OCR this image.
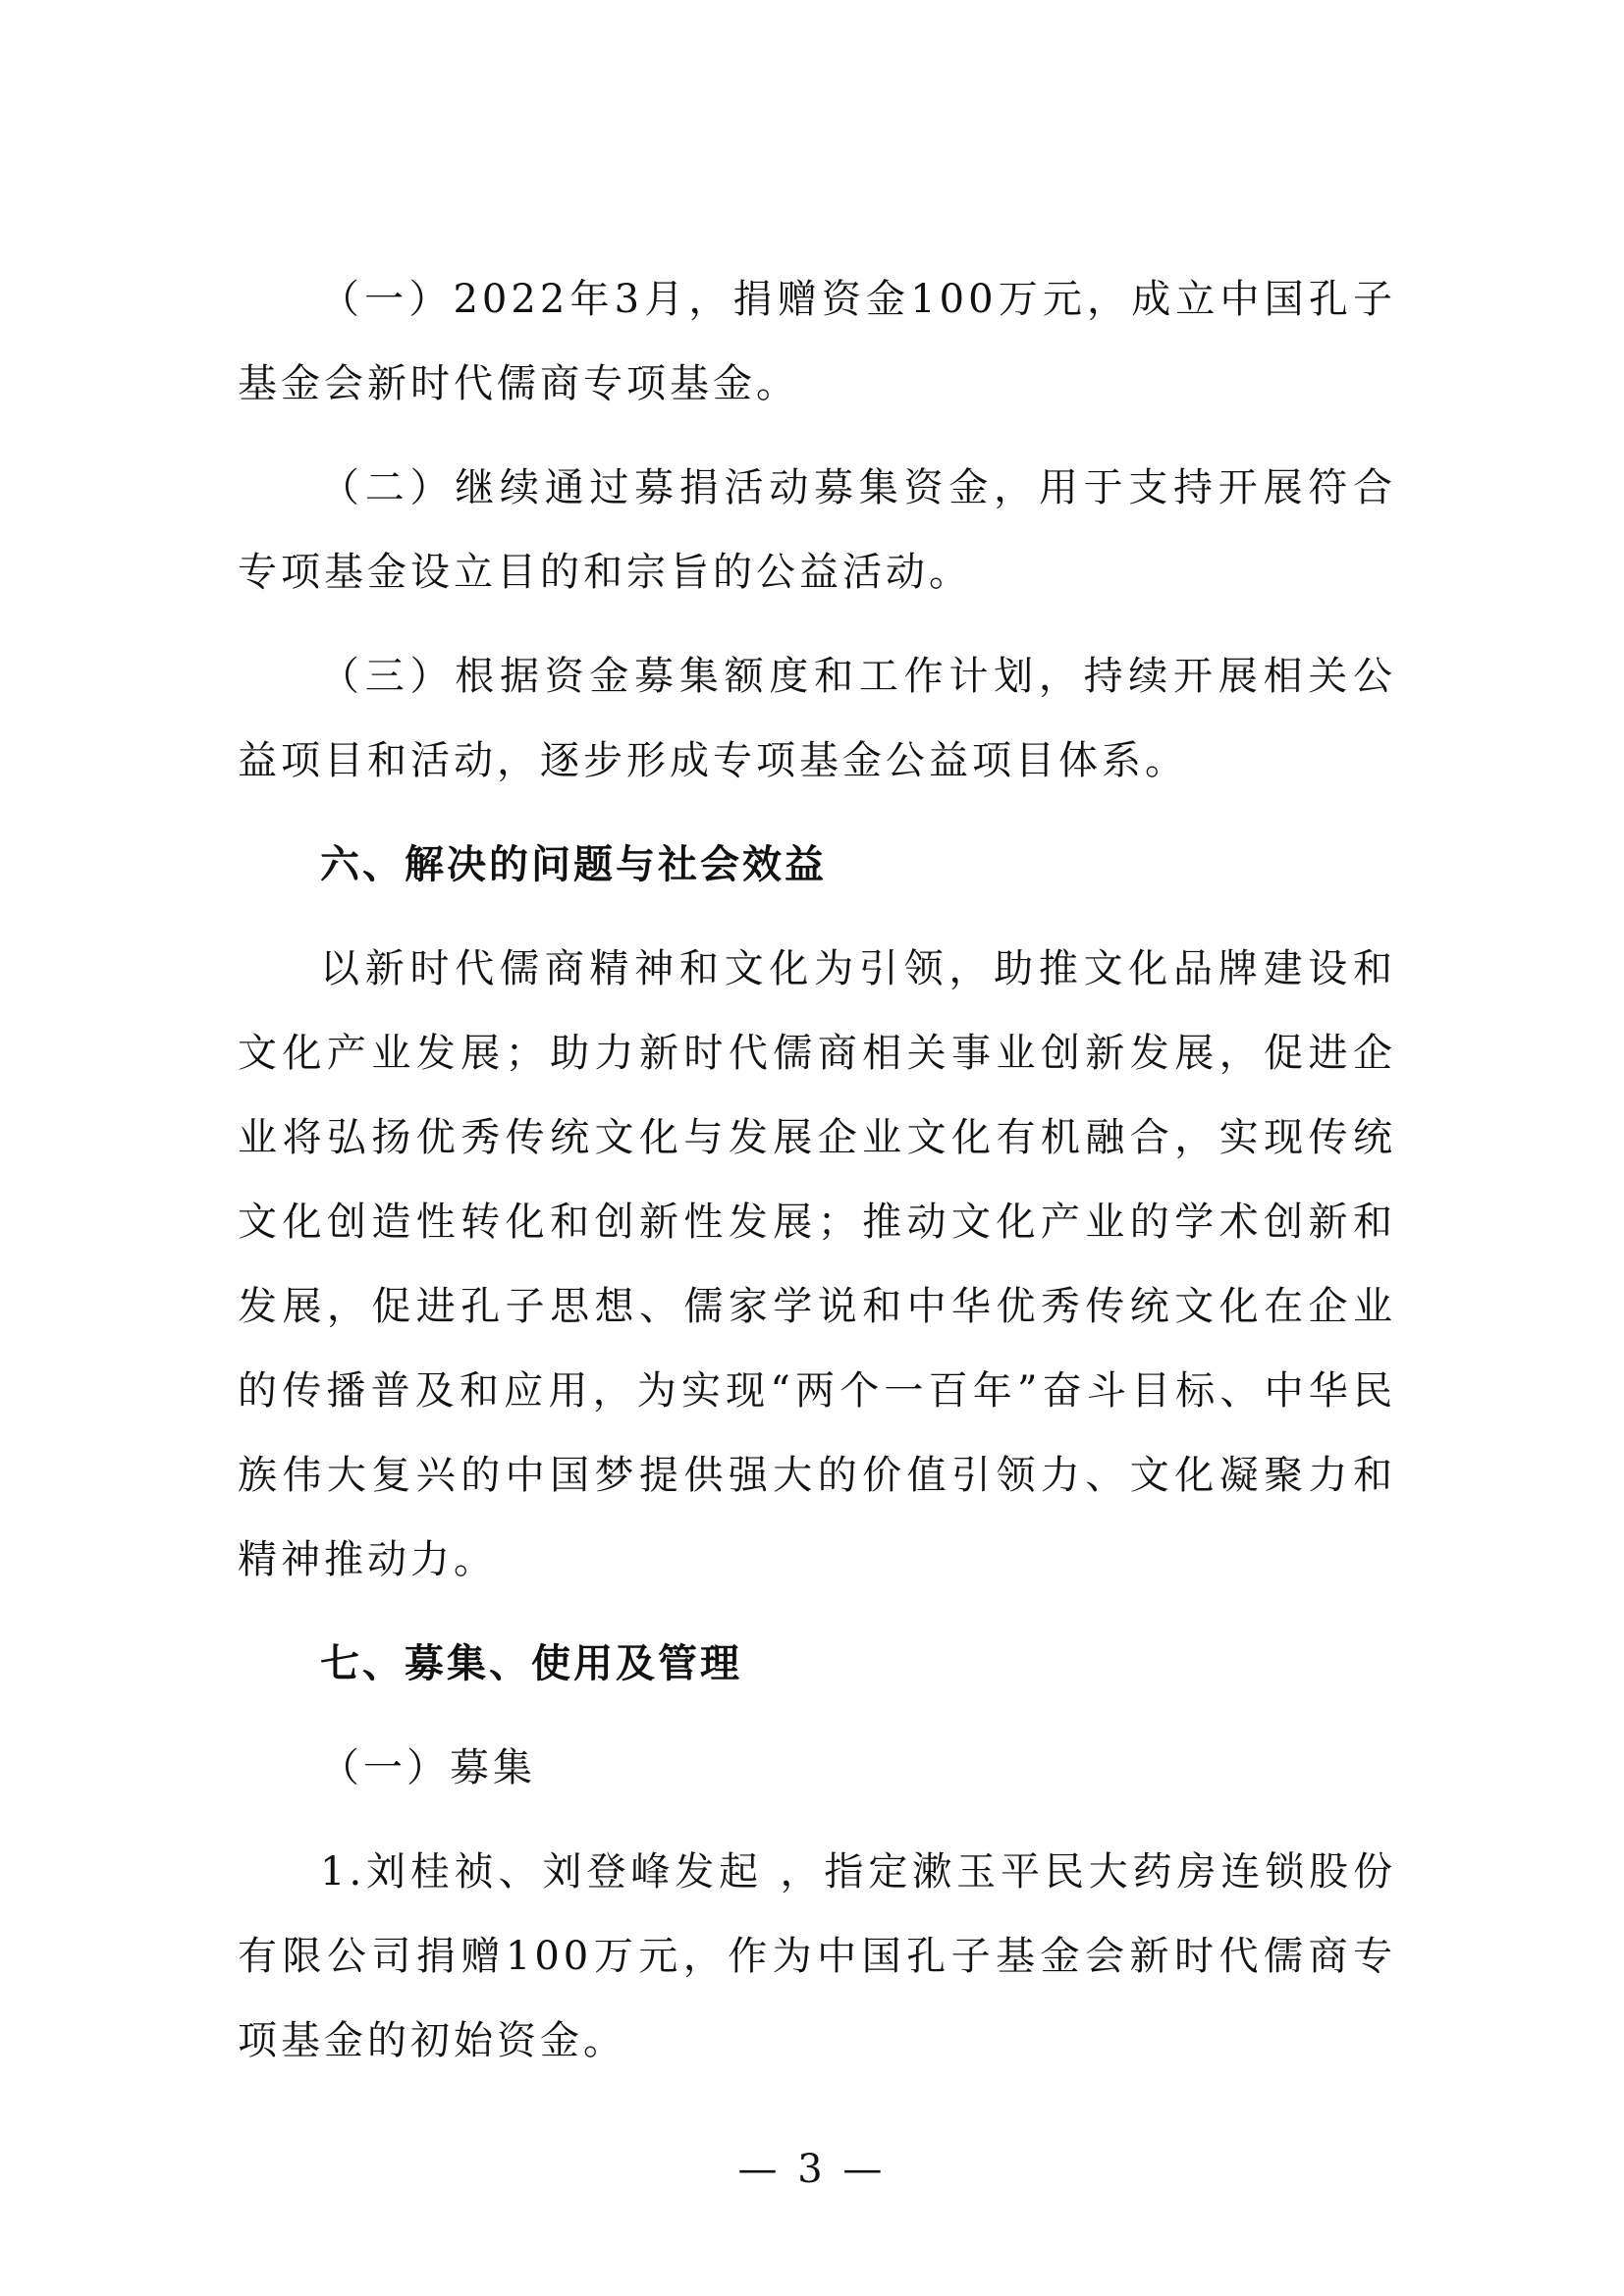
（一）2022年3月，捐赠资金100万元，成立中国孔子基金会新时代儒商专项基金。

（二）继续通过募捐活动募集资金，用于支持开展符合专项基金设立目的和宗旨的公益活动。

（三）根据资金募集额度和工作计划，持续开展相关公益项目和活动，逐步形成专项基金公益项目体系。

六、解决的问题与社会效益

以新时代儒商精神和文化为引领，助推文化品牌建设和文化产业发展；助力新时代儒商相关事业创新发展，促进企业将弘扬优秀传统文化与发展企业文化有机融合，实现传统文化创造性转化和创新性发展；推动文化产业的学术创新和发展，促进孔子思想、儒家学说和中华优秀传统文化在企业的传播普及和应用，为实现“两个一百年”奋斗目标、中华民族伟大复兴的中国梦提供强大的价值引领力、文化凝聚力和精神推动力。

七、募集、使用及管理

（一）募集

1.刘桂祯、刘登峰发起 ，指定漱玉平民大药房连锁股份有限公司捐赠100万元，作为中国孔子基金会新时代儒商专项基金的初始资金。

— 3 —
